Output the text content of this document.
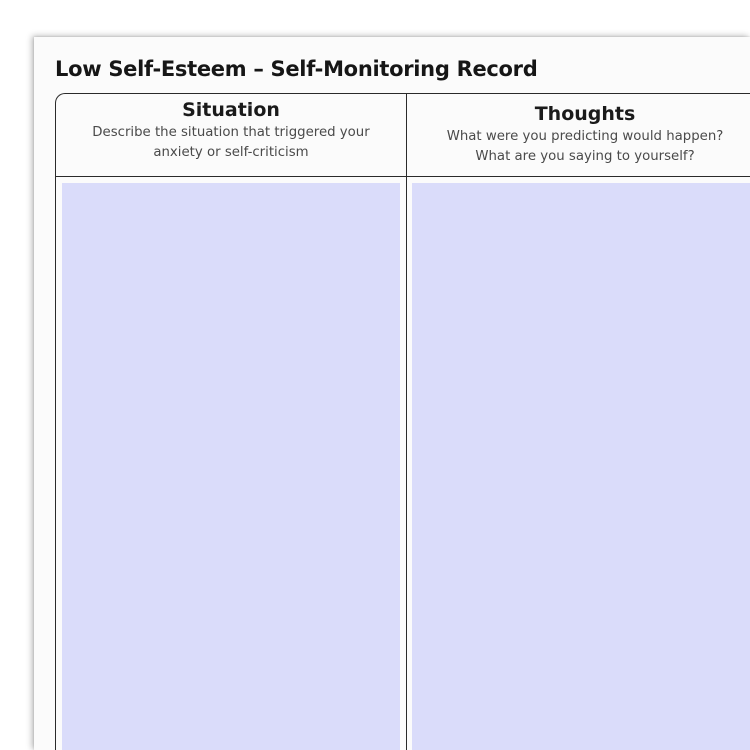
Low Self-Esteem – Self-Monitoring Record
Situation
Describe the situation that triggered your
anxiety or self-criticism
Thoughts
What were you predicting would happen?
What are you saying to yourself?
